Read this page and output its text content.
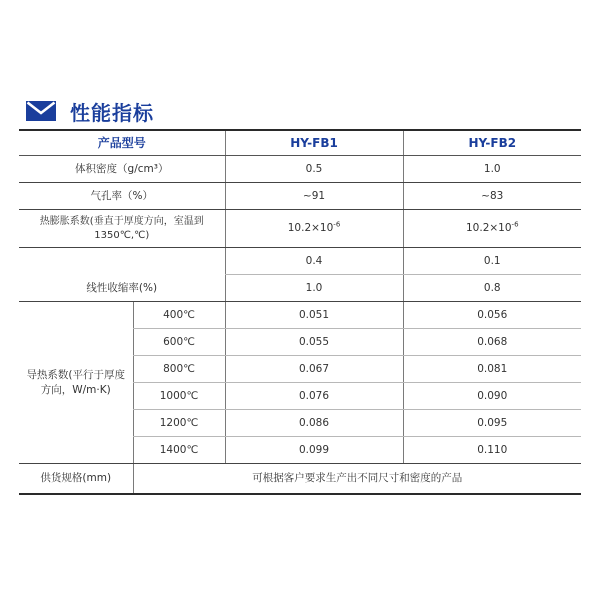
性能指标
产品型号		HY-FB1	HY-FB2
体积密度（g/cm³）		0.5	1.0
气孔率（%）		~91	~83
热膨胀系数(垂直于厚度方向，室温到
1350℃,℃)		$10.2\times 10^{-6}$	$10.2\times 10^{-6}$
线性收缩率(%)		0.4	0.1
		1.0	0.8
导热系数(平行于厚度方向，W/m·K)	400℃	0.051	0.056
	600℃	0.055	0.068
	800℃	0.067	0.081
	1000℃	0.076	0.090
	1200℃	0.086	0.095
	1400℃	0.099	0.110
供货规格(mm)	可根据客户要求生产出不同尺寸和密度的产品		
